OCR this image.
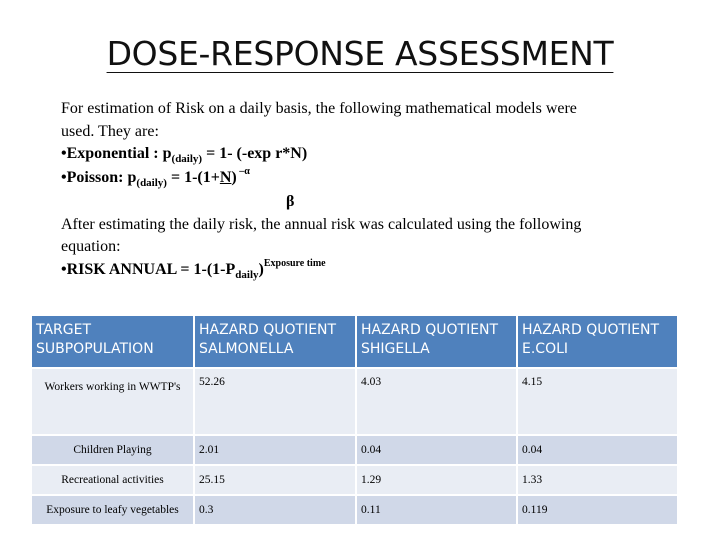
DOSE-RESPONSE ASSESSMENT
For estimation of Risk on a daily basis, the following mathematical models were
used. They are:
•Exponential : $p_{(daily)} = 1-$ (-exp r*N)
•Poisson: $p_{(daily)} = 1-(1+N)$ $^{-\alpha}$
β
After estimating the daily risk, the annual risk was calculated using the following
equation:
•RISK ANNUAL = $1-(1-P_{daily})^{Exposure time}$
TARGET SUBPOPULATION	HAZARD QUOTIENT SALMONELLA	HAZARD QUOTIENT SHIGELLA	HAZARD QUOTIENT E.COLI
Workers working in WWTP's	52.26	4.03	4.15
Children Playing	2.01	0.04	0.04
Recreational activities	25.15	1.29	1.33
Exposure to leafy vegetables	0.3	0.11	0.119
